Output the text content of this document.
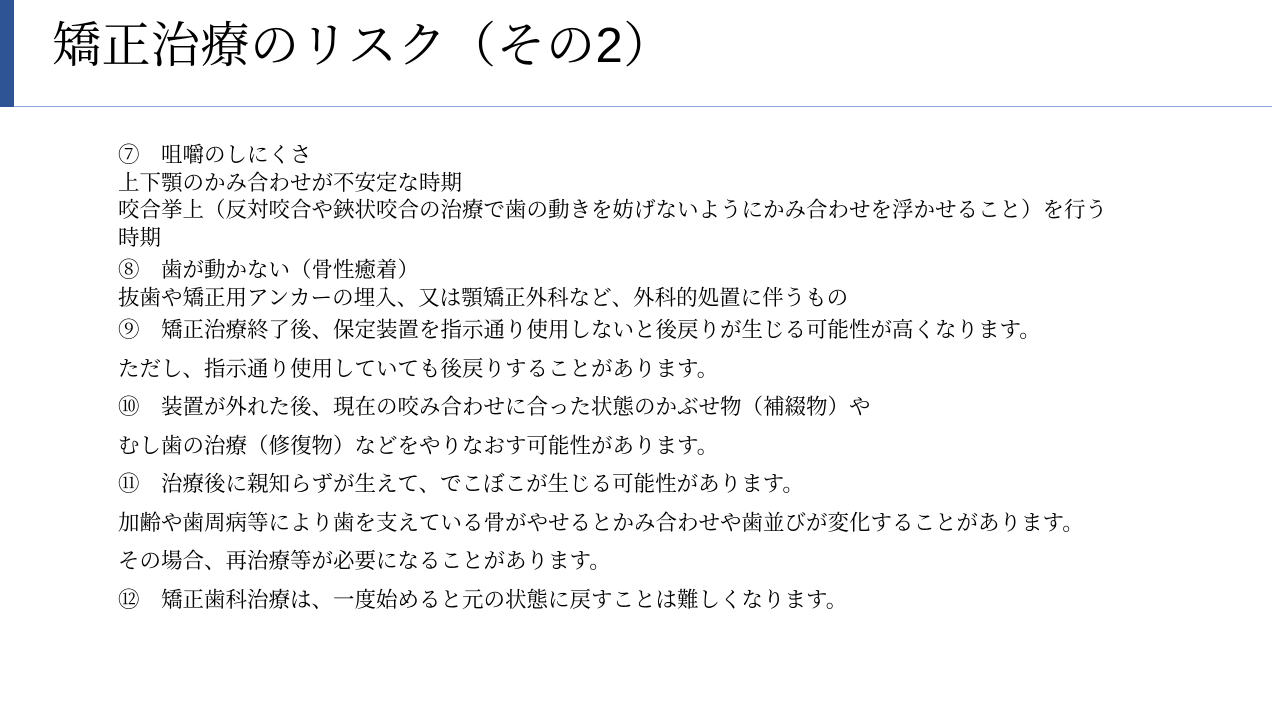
矯正治療のリスク（その2）

⑦　咀嚼のしにくさ

上下顎のかみ合わせが不安定な時期

咬合挙上（反対咬合や鋏状咬合の治療で歯の動きを妨げないようにかみ合わせを浮かせること）を行う時期

⑧　歯が動かない（骨性癒着）

抜歯や矯正用アンカーの埋入、又は顎矯正外科など、外科的処置に伴うもの

⑨　矯正治療終了後、保定装置を指示通り使用しないと後戻りが生じる可能性が高くなります。

ただし、指示通り使用していても後戻りすることがあります。

⑩　装置が外れた後、現在の咬み合わせに合った状態のかぶせ物（補綴物）や

むし歯の治療（修復物）などをやりなおす可能性があります。

⑪　治療後に親知らずが生えて、でこぼこが生じる可能性があります。

加齢や歯周病等により歯を支えている骨がやせるとかみ合わせや歯並びが変化することがあります。

その場合、再治療等が必要になることがあります。

⑫　矯正歯科治療は、一度始めると元の状態に戻すことは難しくなります。
